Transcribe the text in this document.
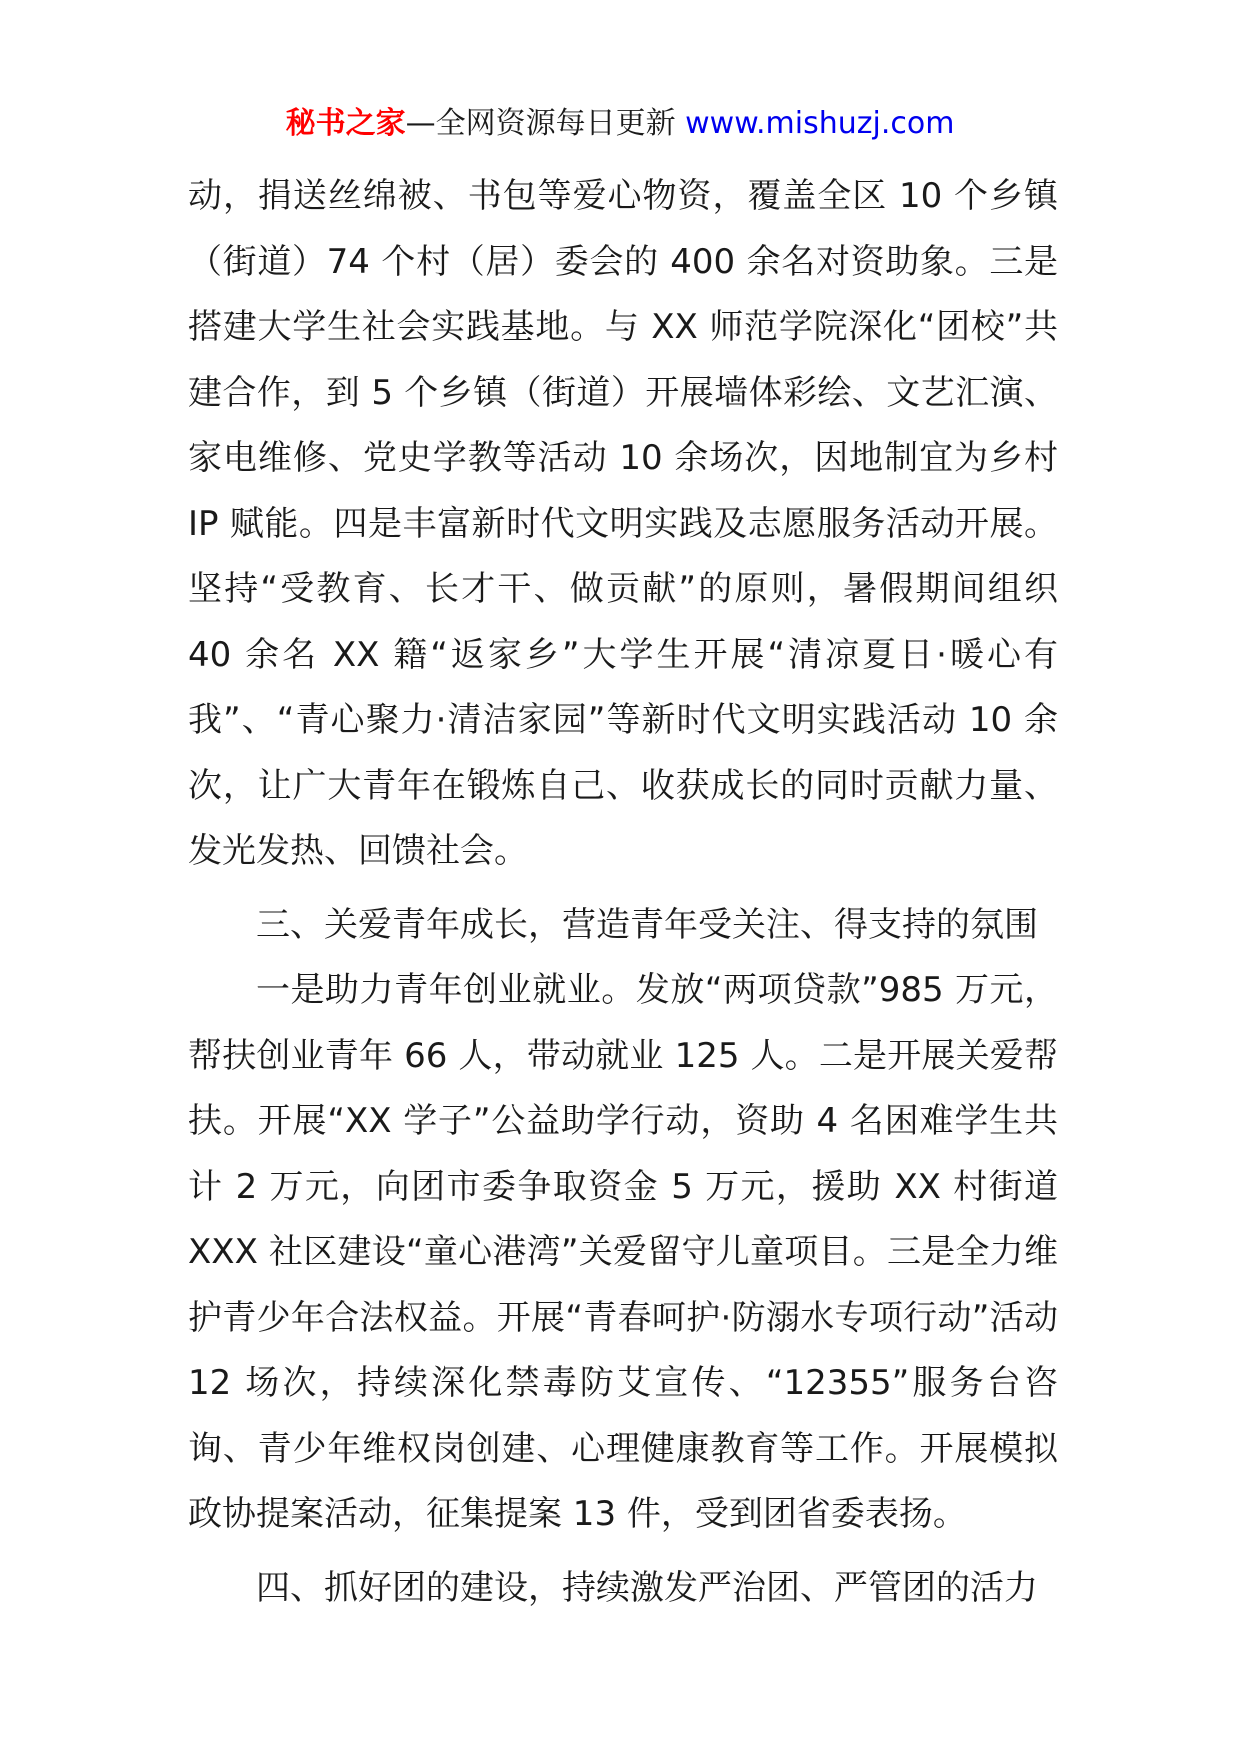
秘书之家—全网资源每日更新 www.mishuzj.com

动，捐送丝绵被、书包等爱心物资，覆盖全区 10 个乡镇（街道）74 个村（居）委会的 400 余名对资助象。三是搭建大学生社会实践基地。与 XX 师范学院深化“团校”共建合作，到 5 个乡镇（街道）开展墙体彩绘、文艺汇演、家电维修、党史学教等活动 10 余场次，因地制宜为乡村 IP 赋能。四是丰富新时代文明实践及志愿服务活动开展。坚持“受教育、长才干、做贡献”的原则，暑假期间组织 40 余名 XX 籍“返家乡”大学生开展“清凉夏日·暖心有我”、“青心聚力·清洁家园”等新时代文明实践活动 10 余次，让广大青年在锻炼自己、收获成长的同时贡献力量、发光发热、回馈社会。

三、关爱青年成长，营造青年受关注、得支持的氛围

一是助力青年创业就业。发放“两项贷款”985 万元，帮扶创业青年 66 人，带动就业 125 人。二是开展关爱帮扶。开展“XX 学子”公益助学行动，资助 4 名困难学生共计 2 万元，向团市委争取资金 5 万元，援助 XX 村街道 XXX 社区建设“童心港湾”关爱留守儿童项目。三是全力维护青少年合法权益。开展“青春呵护·防溺水专项行动”活动 12 场次，持续深化禁毒防艾宣传、“12355”服务台咨询、青少年维权岗创建、心理健康教育等工作。开展模拟政协提案活动，征集提案 13 件，受到团省委表扬。

四、抓好团的建设，持续激发严治团、严管团的活力
